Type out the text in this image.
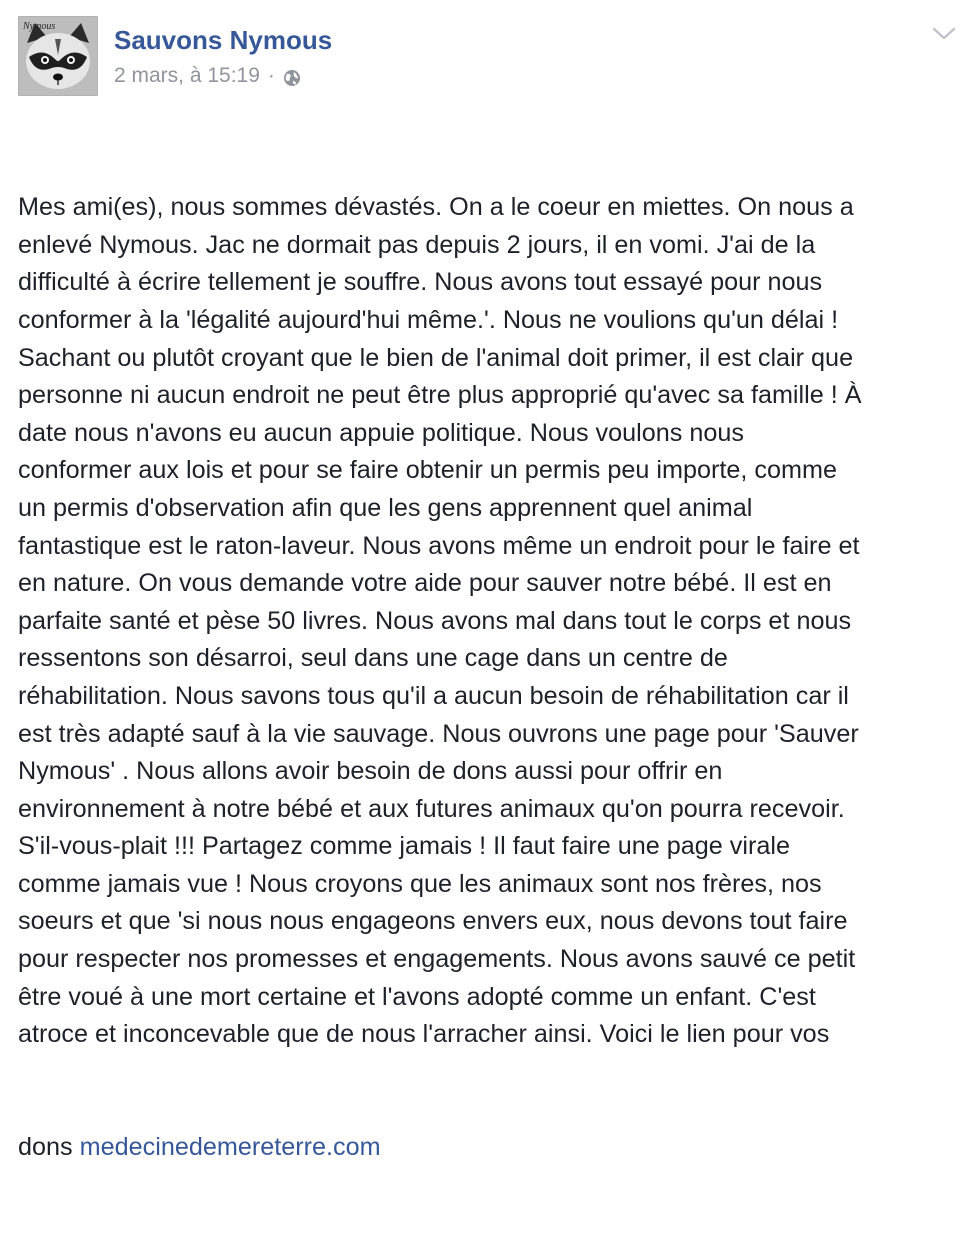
Nymous Sauvons Nymous
2 mars, à 15:19 ·

Mes ami(es), nous sommes dévastés. On a le coeur en miettes. On nous a
enlevé Nymous. Jac ne dormait pas depuis 2 jours, il en vomi. J'ai de la
difficulté à écrire tellement je souffre. Nous avons tout essayé pour nous
conformer à la 'légalité aujourd'hui même.'. Nous ne voulions qu'un délai !
Sachant ou plutôt croyant que le bien de l'animal doit primer, il est clair que
personne ni aucun endroit ne peut être plus approprié qu'avec sa famille ! À
date nous n'avons eu aucun appuie politique. Nous voulons nous
conformer aux lois et pour se faire obtenir un permis peu importe, comme
un permis d'observation afin que les gens apprennent quel animal
fantastique est le raton-laveur. Nous avons même un endroit pour le faire et
en nature. On vous demande votre aide pour sauver notre bébé. Il est en
parfaite santé et pèse 50 livres. Nous avons mal dans tout le corps et nous
ressentons son désarroi, seul dans une cage dans un centre de
réhabilitation. Nous savons tous qu'il a aucun besoin de réhabilitation car il
est très adapté sauf à la vie sauvage. Nous ouvrons une page pour 'Sauver
Nymous' . Nous allons avoir besoin de dons aussi pour offrir en
environnement à notre bébé et aux futures animaux qu'on pourra recevoir.
S'il-vous-plait !!! Partagez comme jamais ! Il faut faire une page virale
comme jamais vue ! Nous croyons que les animaux sont nos frères, nos
soeurs et que 'si nous nous engageons envers eux, nous devons tout faire
pour respecter nos promesses et engagements. Nous avons sauvé ce petit
être voué à une mort certaine et l'avons adopté comme un enfant. C'est
atroce et inconcevable que de nous l'arracher ainsi. Voici le lien pour vos

dons medecinedemereterre.com
